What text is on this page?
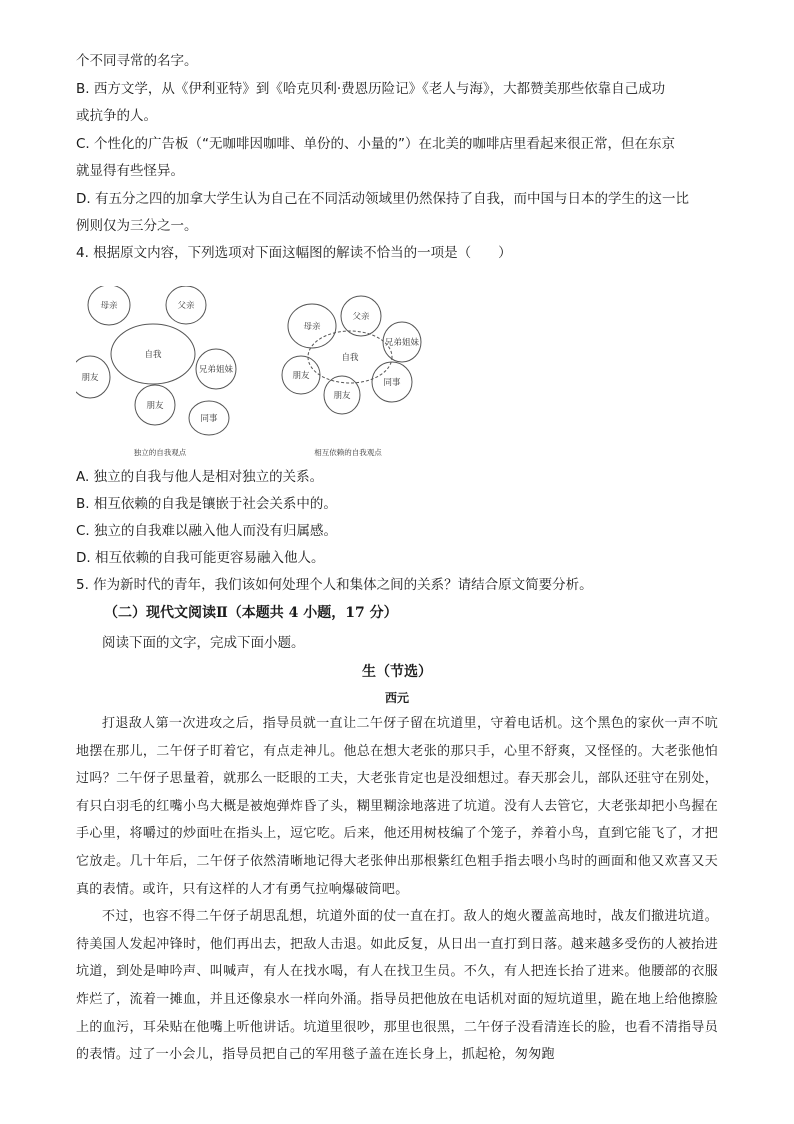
个不同寻常的名字。
B. 西方文学，从《伊利亚特》到《哈克贝利·费恩历险记》《老人与海》，大都赞美那些依靠自己成功
或抗争的人。
C. 个性化的广告板（“无咖啡因咖啡、单份的、小量的”）在北美的咖啡店里看起来很正常，但在东京
就显得有些怪异。
D. 有五分之四的加拿大学生认为自己在不同活动领域里仍然保持了自我，而中国与日本的学生的这一比
例则仅为三分之一。
4. 根据原文内容，下列选项对下面这幅图的解读不恰当的一项是（　　）
母亲	父亲
自我
兄弟姐妹
朋友
朋友
同事
独立的自我观点
母亲
父亲
兄弟姐妹
自我
朋友
朋友
同事
相互依赖的自我观点
A. 独立的自我与他人是相对独立的关系。
B. 相互依赖的自我是镶嵌于社会关系中的。
C. 独立的自我难以融入他人而没有归属感。
D. 相互依赖的自我可能更容易融入他人。
5. 作为新时代的青年，我们该如何处理个人和集体之间的关系？请结合原文简要分析。
（二）现代文阅读Ⅱ（本题共 4 小题，17 分）
阅读下面的文字，完成下面小题。
生（节选）
西元

打退敌人第一次进攻之后，指导员就一直让二午伢子留在坑道里，守着电话机。这个黑色的家伙一声不吭地摆在那儿，二午伢子盯着它，有点走神儿。他总在想大老张的那只手，心里不舒爽，又怪怪的。大老张他怕过吗？二午伢子思量着，就那么一眨眼的工夫，大老张肯定也是没细想过。春天那会儿，部队还驻守在别处，有只白羽毛的红嘴小鸟大概是被炮弹炸昏了头，糊里糊涂地落进了坑道。没有人去管它，大老张却把小鸟握在手心里，将嚼过的炒面吐在指头上，逗它吃。后来，他还用树枝编了个笼子，养着小鸟，直到它能飞了，才把它放走。几十年后，二午伢子依然清晰地记得大老张伸出那根紫红色粗手指去喂小鸟时的画面和他又欢喜又天真的表情。或许，只有这样的人才有勇气拉响爆破筒吧。

不过，也容不得二午伢子胡思乱想，坑道外面的仗一直在打。敌人的炮火覆盖高地时，战友们撤进坑道。待美国人发起冲锋时，他们再出去，把敌人击退。如此反复，从日出一直打到日落。越来越多受伤的人被抬进坑道，到处是呻吟声、叫喊声，有人在找水喝，有人在找卫生员。不久，有人把连长抬了进来。他腰部的衣服炸烂了，流着一摊血，并且还像泉水一样向外涌。指导员把他放在电话机对面的短坑道里，跪在地上给他擦脸上的血污，耳朵贴在他嘴上听他讲话。坑道里很吵，那里也很黑，二午伢子没看清连长的脸，也看不清指导员的表情。过了一小会儿，指导员把自己的军用毯子盖在连长身上，抓起枪，匆匆跑
